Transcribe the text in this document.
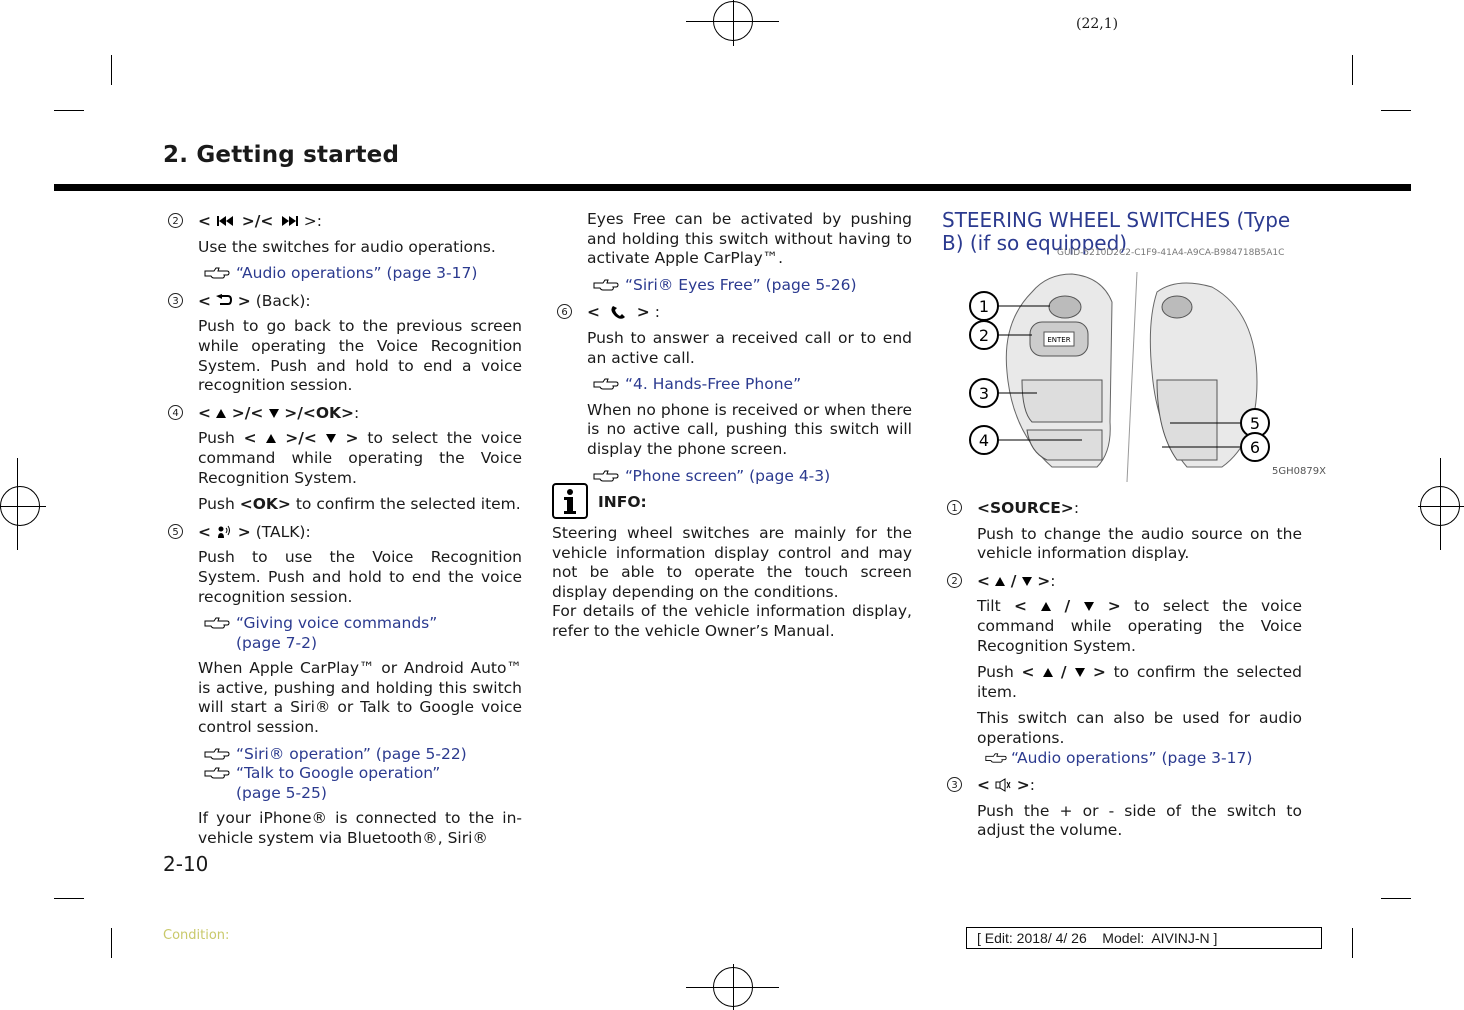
(22,1)
2. Getting started
2 <  >/<  >:

Use the switches for audio operations.

“Audio operations” (page 3-17)
3 <  > (Back):

Push to go back to the previous screen while operating the Voice Recognition System. Push and hold to end a voice recognition session.

4 <  >/<  >/<OK>:

Push <  >/<  > to select the voice command while operating the Voice Recognition System.

Push <OK> to confirm the selected item.

5 <  > (TALK):

Push to use the Voice Recognition System. Push and hold to end the voice recognition session.

“Giving voice commands” (page 7-2)

When Apple CarPlay™ or Android Auto™ is active, pushing and holding this switch will start a Siri® or Talk to Google voice control session.

“Siri® operation” (page 5-22)
“Talk to Google operation” (page 5-25)

If your iPhone® is connected to the in-vehicle system via Bluetooth®, Siri®

Eyes Free can be activated by pushing and holding this switch without having to activate Apple CarPlay™.

“Siri® Eyes Free” (page 5-26)
6 <  > :

Push to answer a received call or to end an active call.

“4. Hands-Free Phone”

When no phone is received or when there is no active call, pushing this switch will display the phone screen.

“Phone screen” (page 4-3)
INFO:

Steering wheel switches are mainly for the vehicle information display control and may not be able to operate the touch screen display depending on the conditions.

For details of the vehicle information display, refer to the vehicle Owner’s Manual.

STEERING WHEEL SWITCHES (Type B) (if so equipped)
GUID-5210D2C2-C1F9-41A4-A9CA-B984718B5A1C
ENTER
1
2
3
4
5
6
5GH0879X
1 <SOURCE>:

Push to change the audio source on the vehicle information display.

2 <  /  >:

Tilt <  /  > to select the voice command while operating the Voice Recognition System.

Push <  /  > to confirm the selected item.

This switch can also be used for audio operations.

“Audio operations” (page 3-17)
3 <  >:

Push the + or - side of the switch to adjust the volume.

2-10
Condition:	[ Edit: 2018/ 4/ 26    Model:  AIVINJ-N ]
